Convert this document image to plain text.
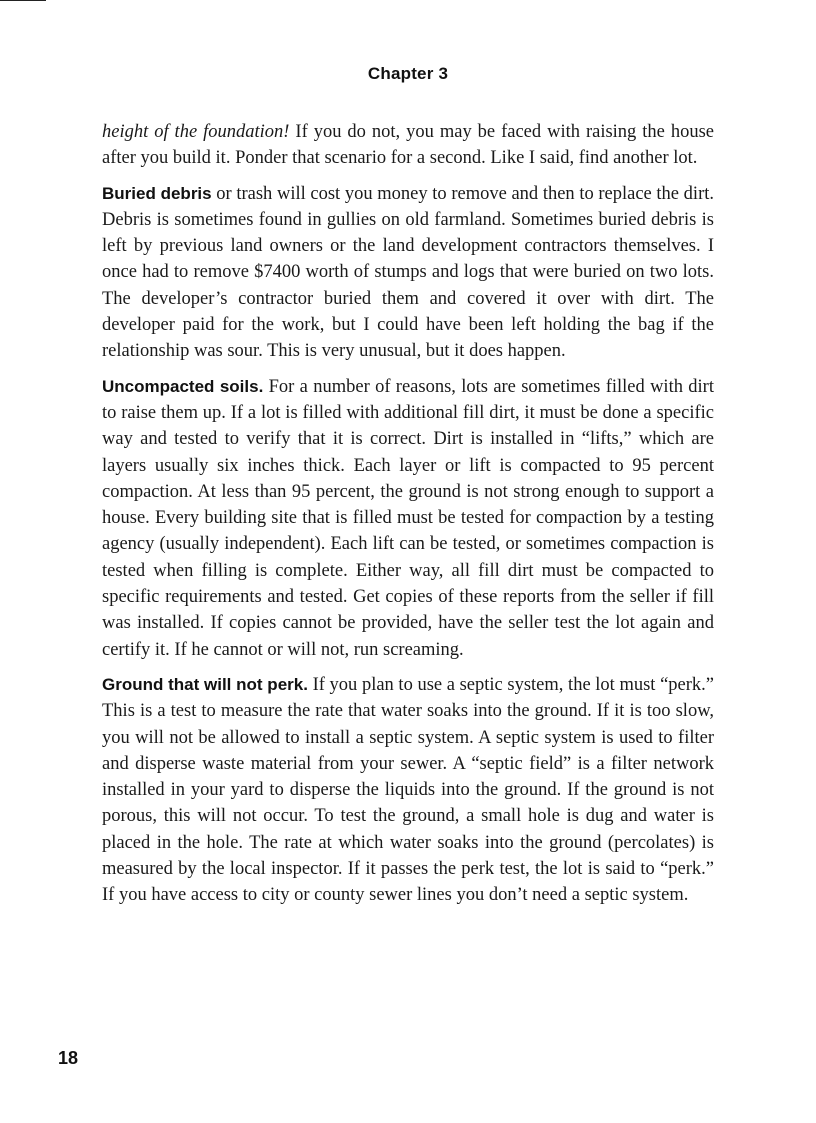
Chapter 3

height of the foundation! If you do not, you may be faced with raising the house after you build it. Ponder that scenario for a second. Like I said, find another lot.

Buried debris or trash will cost you money to remove and then to replace the dirt. Debris is sometimes found in gullies on old farmland. Sometimes buried debris is left by previous land owners or the land development contractors themselves. I once had to remove $7400 worth of stumps and logs that were buried on two lots. The developer’s contractor buried them and covered it over with dirt. The developer paid for the work, but I could have been left holding the bag if the relationship was sour. This is very unusual, but it does happen.

Uncompacted soils. For a number of reasons, lots are sometimes filled with dirt to raise them up. If a lot is filled with additional fill dirt, it must be done a specific way and tested to verify that it is correct. Dirt is installed in “lifts,” which are layers usually six inches thick. Each layer or lift is compacted to 95 percent compaction. At less than 95 percent, the ground is not strong enough to support a house. Every building site that is filled must be tested for compaction by a testing agency (usually independent). Each lift can be tested, or sometimes compaction is tested when filling is complete. Either way, all fill dirt must be compacted to specific requirements and tested. Get copies of these reports from the seller if fill was installed. If copies cannot be provided, have the seller test the lot again and certify it. If he cannot or will not, run screaming.

Ground that will not perk. If you plan to use a septic system, the lot must “perk.” This is a test to measure the rate that water soaks into the ground. If it is too slow, you will not be allowed to install a septic system. A septic system is used to filter and disperse waste material from your sewer. A “septic field” is a filter network installed in your yard to disperse the liquids into the ground. If the ground is not porous, this will not occur. To test the ground, a small hole is dug and water is placed in the hole. The rate at which water soaks into the ground (percolates) is measured by the local inspector. If it passes the perk test, the lot is said to “perk.” If you have access to city or county sewer lines you don’t need a septic system.

18
